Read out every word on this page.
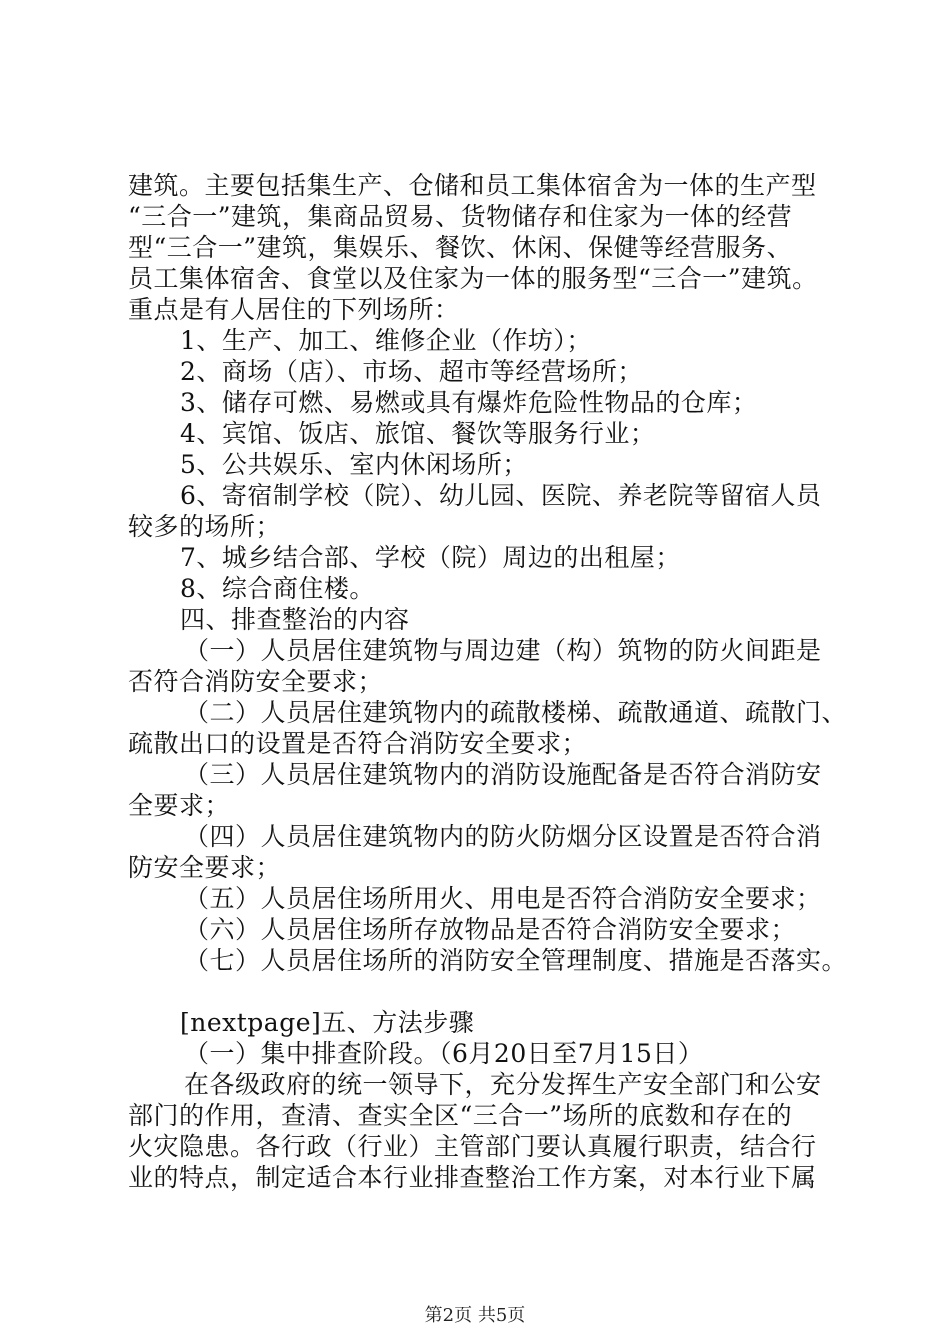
建筑。主要包括集生产、仓储和员工集体宿舍为一体的生产型
“三合一”建筑，集商品贸易、货物储存和住家为一体的经营
型“三合一”建筑，集娱乐、餐饮、休闲、保健等经营服务、
员工集体宿舍、食堂以及住家为一体的服务型“三合一”建筑。
重点是有人居住的下列场所：
1、生产、加工、维修企业（作坊）；
2、商场（店）、市场、超市等经营场所；
3、储存可燃、易燃或具有爆炸危险性物品的仓库；
4、宾馆、饭店、旅馆、餐饮等服务行业；
5、公共娱乐、室内休闲场所；
6、寄宿制学校（院）、幼儿园、医院、养老院等留宿人员
较多的场所；
7、城乡结合部、学校（院）周边的出租屋；
8、综合商住楼。
四、排查整治的内容
（一）人员居住建筑物与周边建（构）筑物的防火间距是
否符合消防安全要求；
（二）人员居住建筑物内的疏散楼梯、疏散通道、疏散门、
疏散出口的设置是否符合消防安全要求；
（三）人员居住建筑物内的消防设施配备是否符合消防安
全要求；
（四）人员居住建筑物内的防火防烟分区设置是否符合消
防安全要求；
（五）人员居住场所用火、用电是否符合消防安全要求；
（六）人员居住场所存放物品是否符合消防安全要求；
（七）人员居住场所的消防安全管理制度、措施是否落实。
[nextpage]五、方法步骤
（一）集中排查阶段。（6月20日至7月15日）
在各级政府的统一领导下，充分发挥生产安全部门和公安
部门的作用，查清、查实全区“三合一”场所的底数和存在的
火灾隐患。各行政（行业）主管部门要认真履行职责，结合行
业的特点，制定适合本行业排查整治工作方案，对本行业下属
第2页 共5页
